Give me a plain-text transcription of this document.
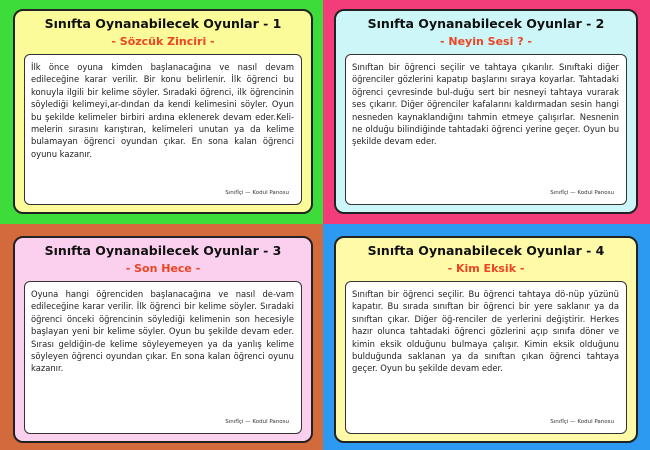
Sınıfta Oynanabilecek Oyunlar - 1
- Sözcük Zinciri -
İlk önce oyuna kimden başlanacağına ve nasıl devam edileceğine karar verilir. Bir konu belirlenir. İlk öğrenci bu konuyla ilgili bir kelime söyler. Sıradaki öğrenci, ilk öğrencinin söylediği kelimeyi,ar-dından da kendi kelimesini söyler. Oyun bu şekilde kelimeler birbiri ardına eklenerek devam eder.Keli-melerin sırasını karıştıran, kelimeleri unutan ya da kelime bulamayan öğrenci oyundan çıkar. En sona kalan öğrenci oyunu kazanır.
Sınıfİçi — Kodul Panosu
Sınıfta Oynanabilecek Oyunlar - 2
- Neyin Sesi ? -
Sınıftan bir öğrenci seçilir ve tahtaya çıkarılır. Sınıftaki diğer öğrenciler gözlerini kapatıp başlarını sıraya koyarlar. Tahtadaki öğrenci çevresinde bul-duğu sert bir nesneyi tahtaya vurarak ses çıkarır. Diğer öğrenciler kafalarını kaldırmadan sesin hangi nesneden kaynaklandığını tahmin etmeye çalışırlar. Nesnenin ne olduğu bilindiğinde tahtadaki öğrenci yerine geçer. Oyun bu şekilde devam eder.
Sınıfİçi — Kodul Panosu
Sınıfta Oynanabilecek Oyunlar - 3
- Son Hece -
Oyuna hangi öğrenciden başlanacağına ve nasıl de-vam edileceğine karar verilir. İlk öğrenci bir kelime söyler. Sıradaki öğrenci önceki öğrencinin söylediği kelimenin son hecesiyle başlayan yeni bir kelime söyler. Oyun bu şekilde devam eder. Sırası geldiğin-de kelime söyleyemeyen ya da yanlış kelime söyleyen öğrenci oyundan çıkar. En sona kalan öğrenci oyunu kazanır.
Sınıfİçi — Kodul Panosu
Sınıfta Oynanabilecek Oyunlar - 4
- Kim Eksik -
Sınıftan bir öğrenci seçilir. Bu öğrenci tahtaya dö-nüp yüzünü kapatır. Bu sırada sınıftan bir öğrenci bir yere saklanır ya da sınıftan çıkar. Diğer öğ-renciler de yerlerini değiştirir. Herkes hazır olunca tahtadaki öğrenci gözlerini açıp sınıfa döner ve kimin eksik olduğunu bulmaya çalışır. Kimin eksik olduğunu bulduğunda saklanan ya da sınıftan çıkan öğrenci tahtaya geçer. Oyun bu şekilde devam eder.
Sınıfİçi — Kodul Panosu
EDUHOL
